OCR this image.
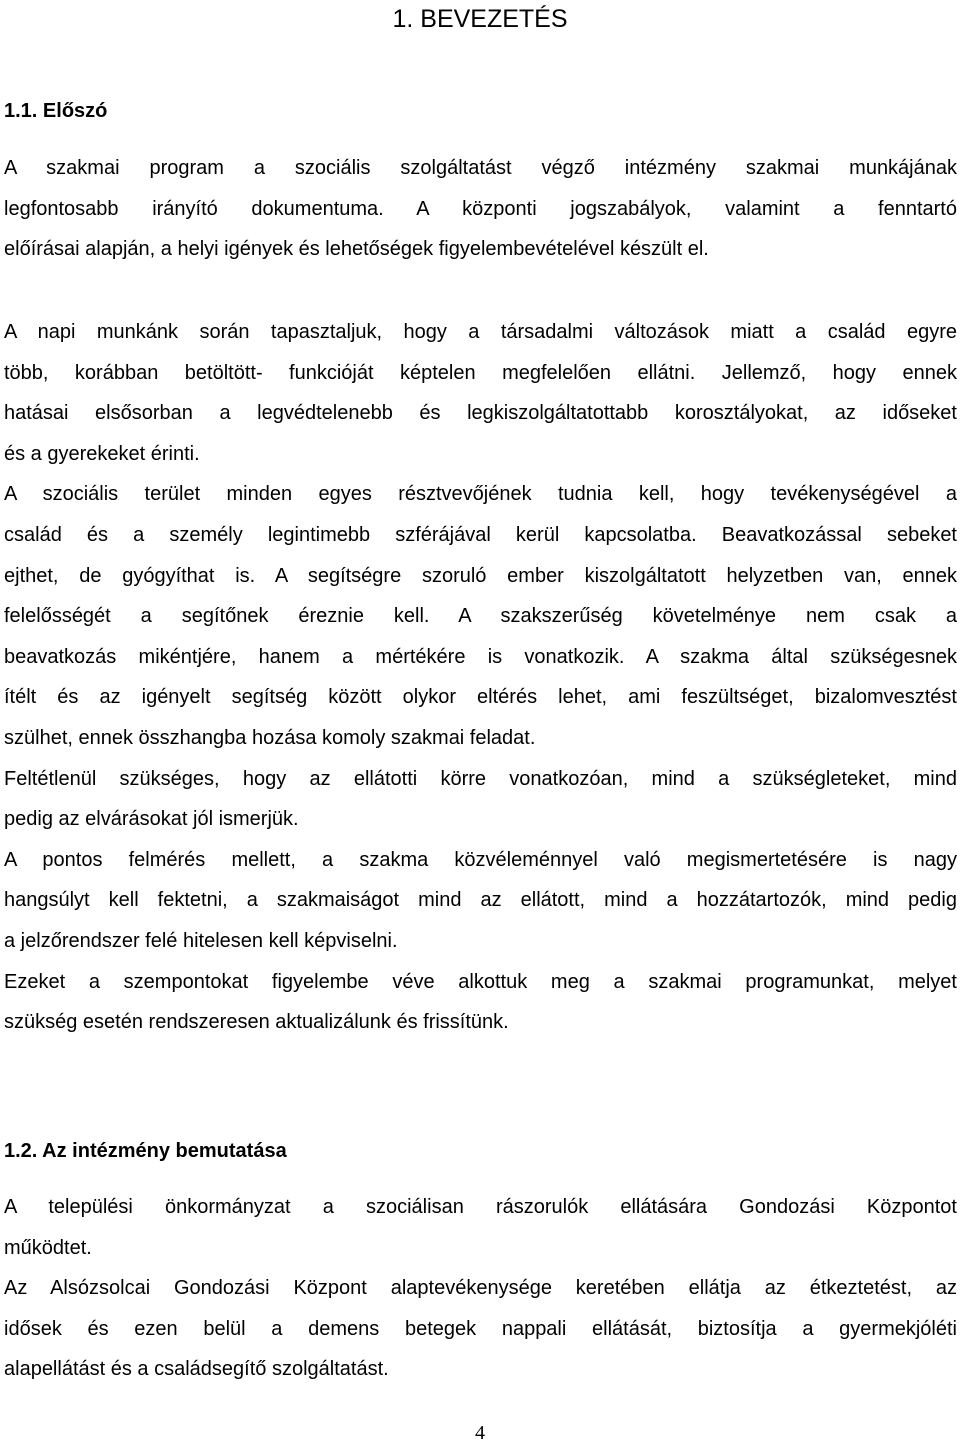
1. BEVEZETÉS
1.1. Előszó
A szakmai program a szociális szolgáltatást végző intézmény szakmai munkájának
legfontosabb irányító dokumentuma. A központi jogszabályok, valamint a fenntartó
előírásai alapján, a helyi igények és lehetőségek figyelembevételével készült el.
A napi munkánk során tapasztaljuk, hogy a társadalmi változások miatt a család egyre
több, korábban betöltött- funkcióját képtelen megfelelően ellátni. Jellemző, hogy ennek
hatásai elsősorban a legvédtelenebb és legkiszolgáltatottabb korosztályokat, az időseket
és a gyerekeket érinti.
A szociális terület minden egyes résztvevőjének tudnia kell, hogy tevékenységével a
család és a személy legintimebb szférájával kerül kapcsolatba. Beavatkozással sebeket
ejthet, de gyógyíthat is. A segítségre szoruló ember kiszolgáltatott helyzetben van, ennek
felelősségét a segítőnek éreznie kell. A szakszerűség követelménye nem csak a
beavatkozás mikéntjére, hanem a mértékére is vonatkozik. A szakma által szükségesnek
ítélt és az igényelt segítség között olykor eltérés lehet, ami feszültséget, bizalomvesztést
szülhet, ennek összhangba hozása komoly szakmai feladat.
Feltétlenül szükséges, hogy az ellátotti körre vonatkozóan, mind a szükségleteket, mind
pedig az elvárásokat jól ismerjük.
A pontos felmérés mellett, a szakma közvéleménnyel való megismertetésére is nagy
hangsúlyt kell fektetni, a szakmaiságot mind az ellátott, mind a hozzátartozók, mind pedig
a jelzőrendszer felé hitelesen kell képviselni.
Ezeket a szempontokat figyelembe véve alkottuk meg a szakmai programunkat, melyet
szükség esetén rendszeresen aktualizálunk és frissítünk.
1.2. Az intézmény bemutatása
A települési önkormányzat a szociálisan rászorulók ellátására Gondozási Központot
működtet.
Az Alsózsolcai Gondozási Központ alaptevékenysége keretében ellátja az étkeztetést, az
idősek és ezen belül a demens betegek nappali ellátását, biztosítja a gyermekjóléti
alapellátást és a családsegítő szolgáltatást.
4
